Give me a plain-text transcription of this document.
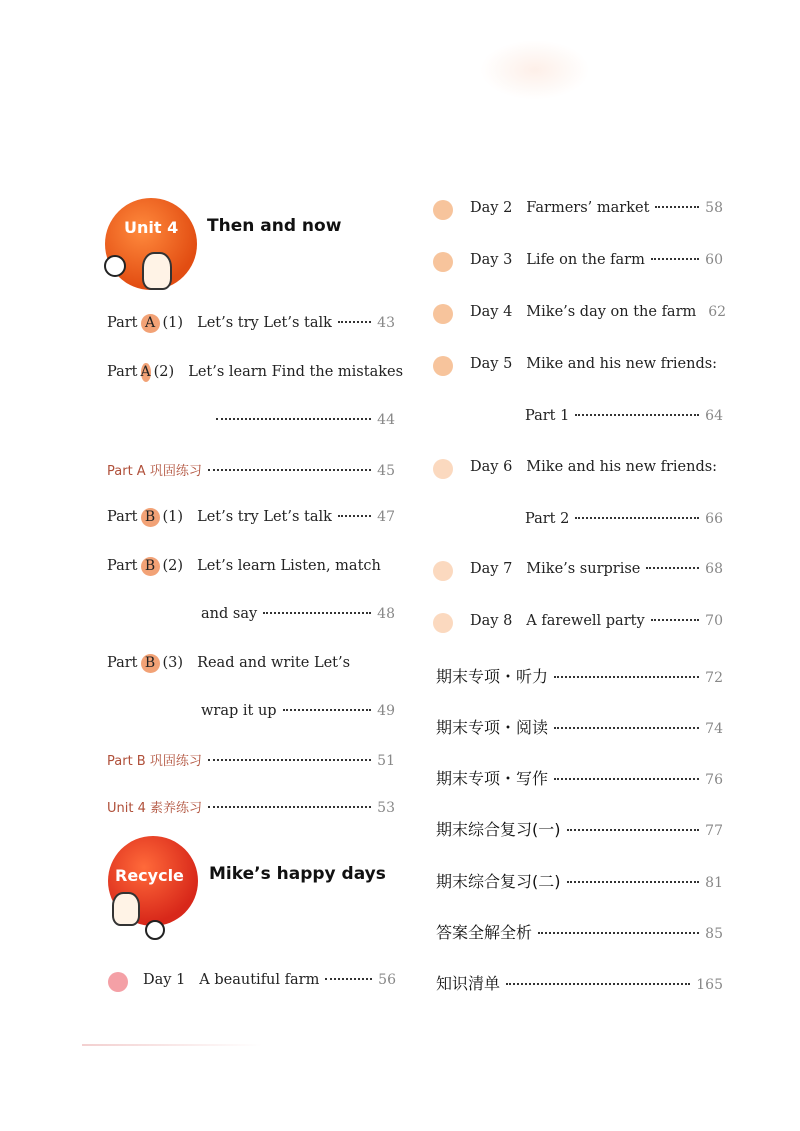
Unit 4 Then and now
Part A (1) Let’s try Let’s talk	43
Part A (2) Let’s learn Find the mistakes
44
Part A 巩固练习	45
Part B (1) Let’s try Let’s talk	47
Part B (2) Let’s learn Listen, match
and say	48
Part B (3) Read and write Let’s
wrap it up	49
Part B 巩固练习	51
Unit 4 素养练习	53
Recycle Mike’s happy days
Day 1 A beautiful farm	56
Day 2 Farmers’ market	58
Day 3 Life on the farm	60
Day 4 Mike’s day on the farm 62
Day 5 Mike and his new friends:
Part 1	64
Day 6 Mike and his new friends:
Part 2	66
Day 7 Mike’s surprise	68
Day 8 A farewell party	70
期末专项・听力	72
期末专项・阅读	74
期末专项・写作	76
期末综合复习(一)	77
期末综合复习(二)	81
答案全解全析	85
知识清单	165
